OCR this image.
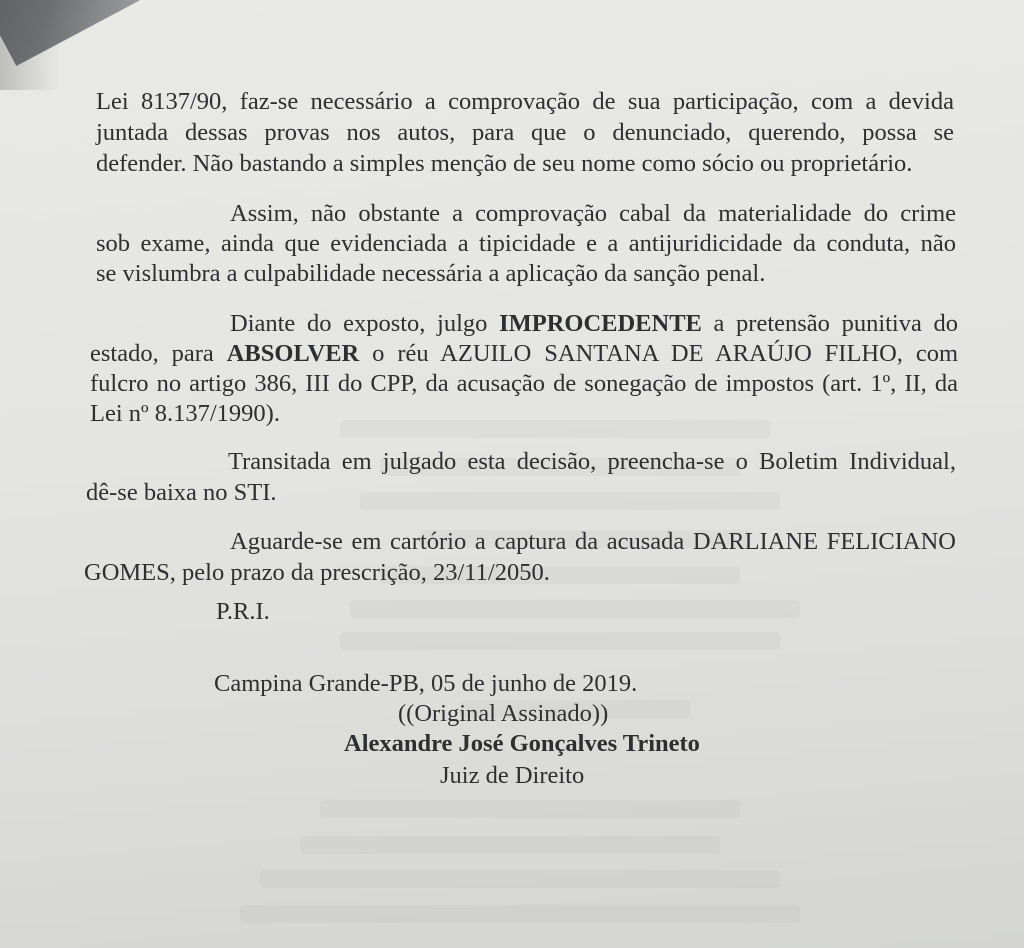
Lei 8137/90, faz-se necessário a comprovação de sua participação, com a devida
juntada dessas provas nos autos, para que o denunciado, querendo, possa se
defender. Não bastando a simples menção de seu nome como sócio ou proprietário.
Assim, não obstante a comprovação cabal da materialidade do crime
sob exame, ainda que evidenciada a tipicidade e a antijuridicidade da conduta, não
se vislumbra a culpabilidade necessária a aplicação da sanção penal.
Diante do exposto, julgo IMPROCEDENTE a pretensão punitiva do
estado, para ABSOLVER o réu AZUILO SANTANA DE ARAÚJO FILHO, com
fulcro no artigo 386, III do CPP, da acusação de sonegação de impostos (art. 1º, II, da
Lei nº 8.137/1990).
Transitada em julgado esta decisão, preencha-se o Boletim Individual,
dê-se baixa no STI.
Aguarde-se em cartório a captura da acusada DARLIANE FELICIANO
GOMES, pelo prazo da prescrição, 23/11/2050.
P.R.I.
Campina Grande-PB, 05 de junho de 2019.
((Original Assinado))
Alexandre José Gonçalves Trineto
Juiz de Direito
